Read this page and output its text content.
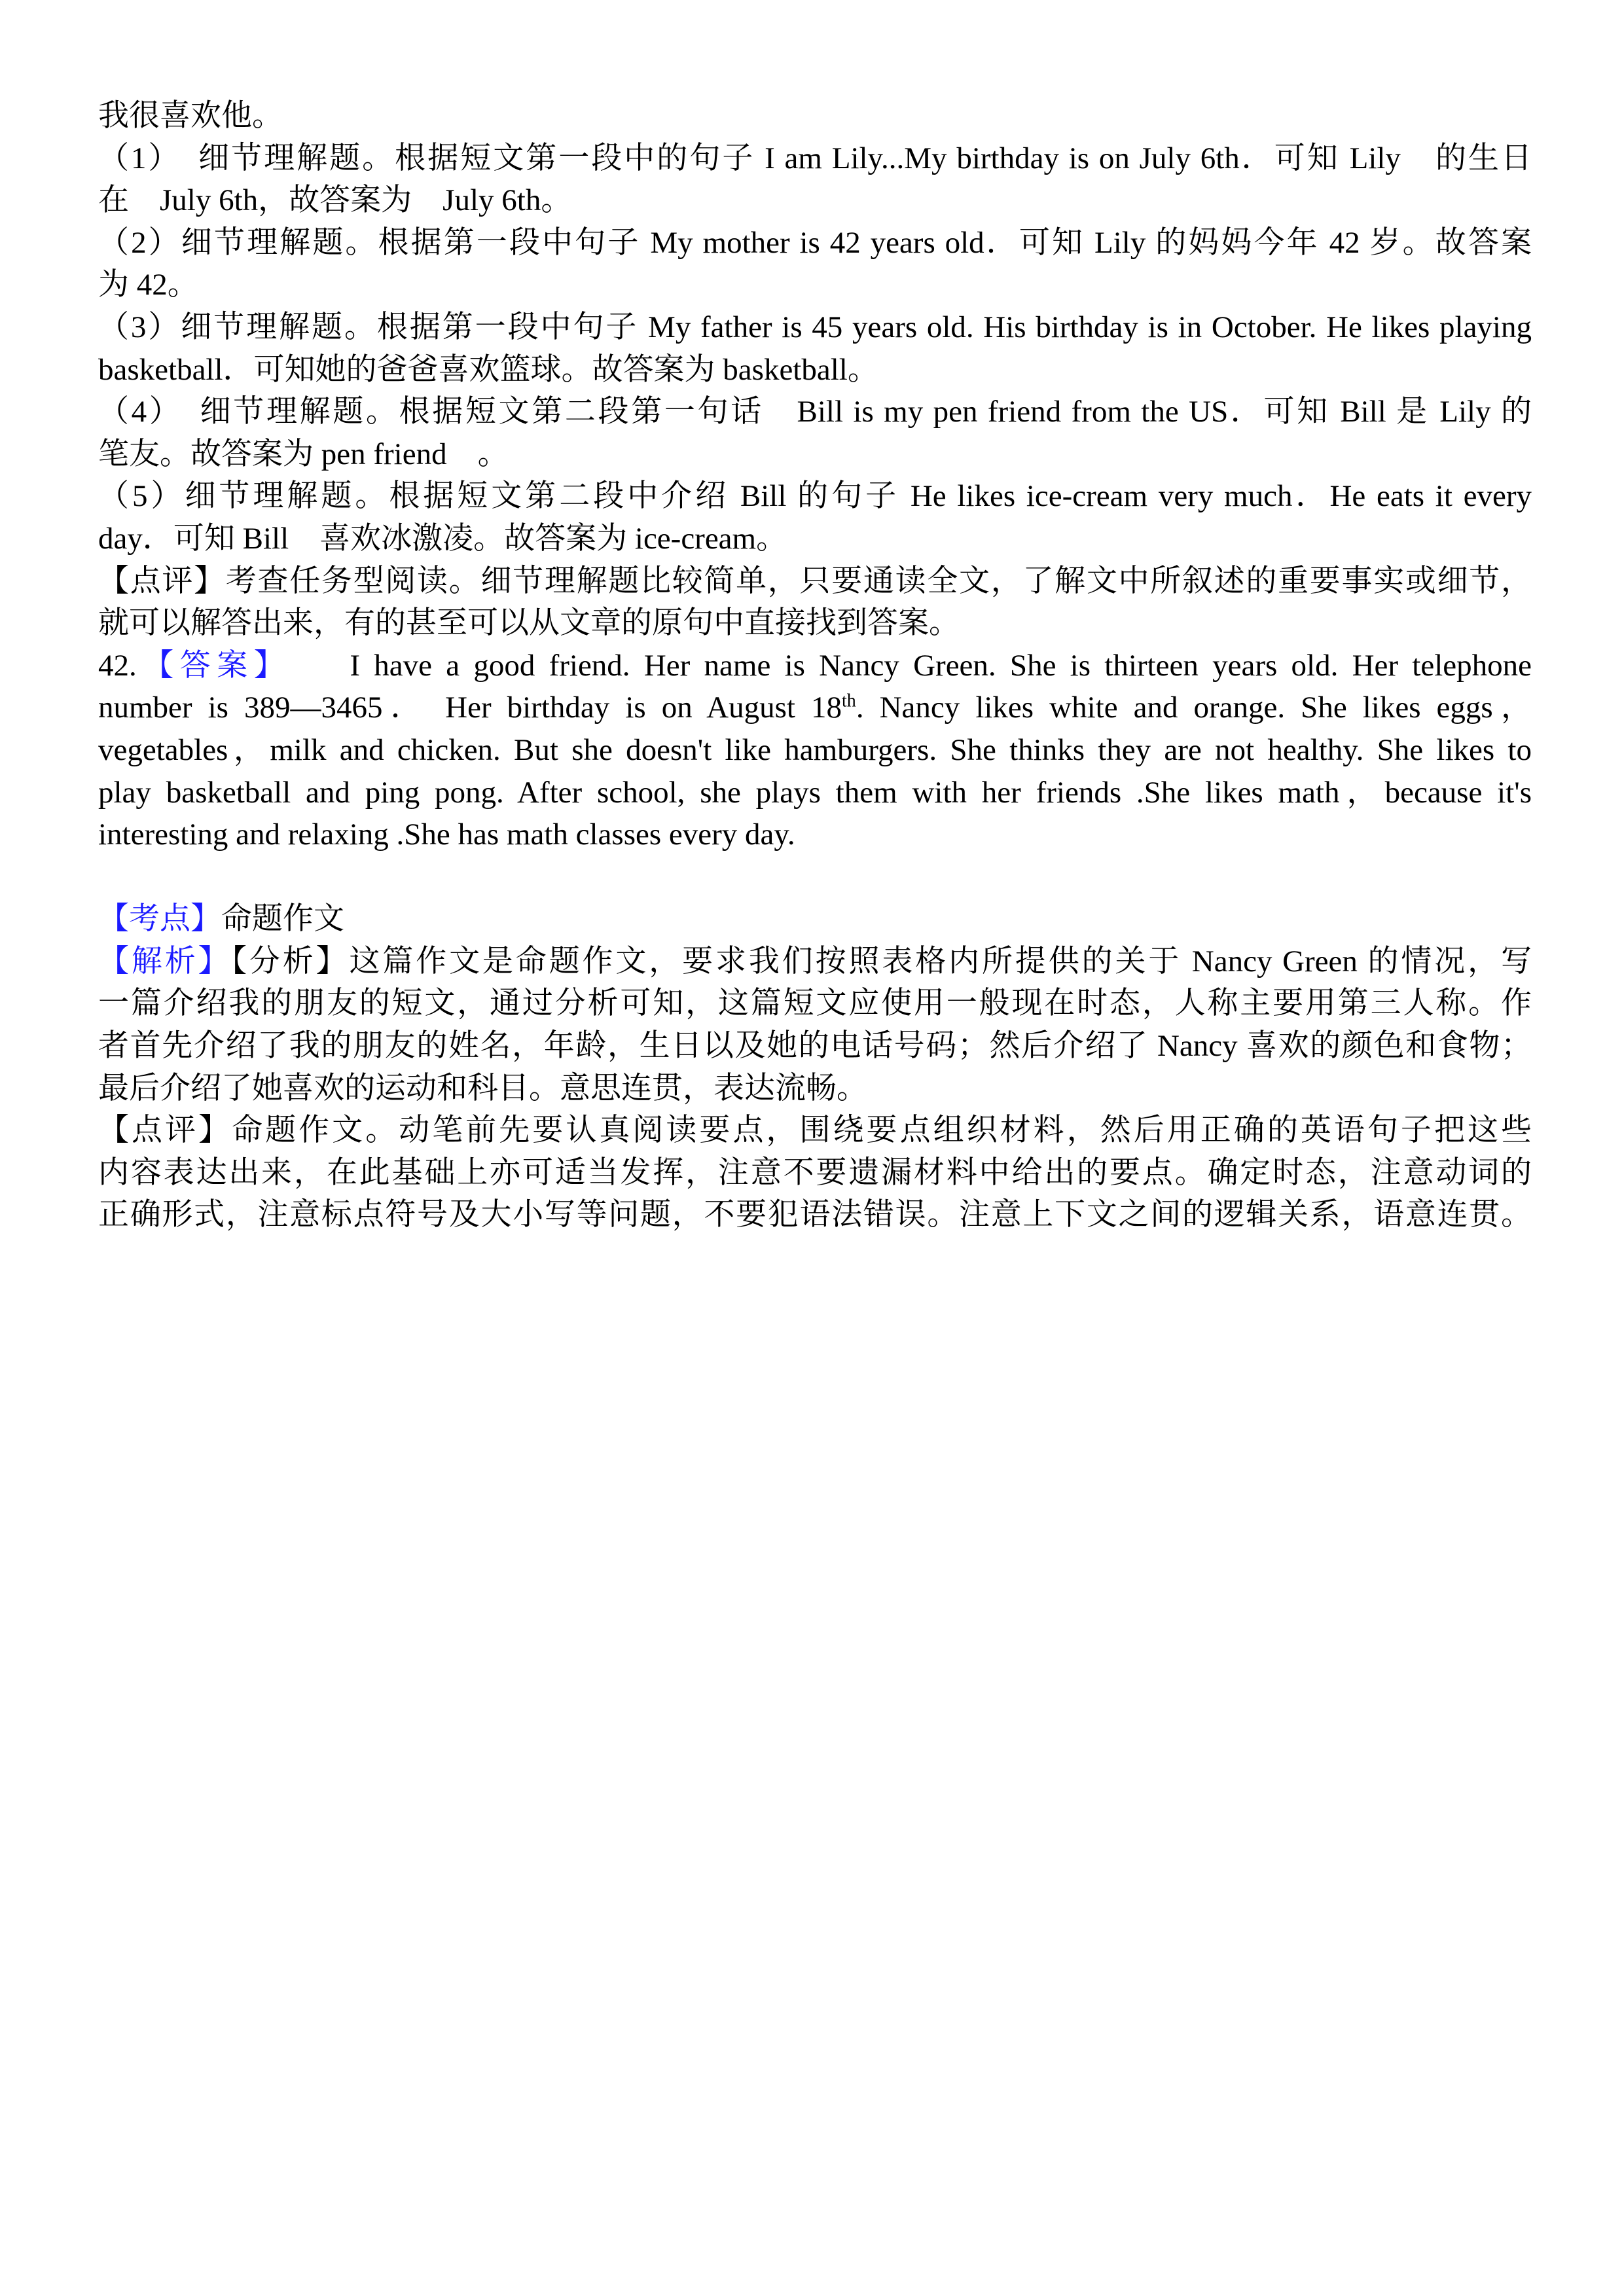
我很喜欢他。
（1）　细节理解题。根据短文第一段中的句子 I am Lily...My birthday is on July 6th．可知 Lily　的生日
在　July 6th，故答案为　July 6th。
（2）细节理解题。根据第一段中句子 My mother is 42 years old．可知 Lily 的妈妈今年 42 岁。故答案
为 42。
（3）细节理解题。根据第一段中句子 My father is 45 years old. His birthday is in October. He likes playing
basketball．可知她的爸爸喜欢篮球。故答案为 basketball。
（4）　细节理解题。根据短文第二段第一句话　Bill is my pen friend from the US．可知 Bill 是 Lily 的
笔友。故答案为 pen friend　。
（5）细节理解题。根据短文第二段中介绍 Bill 的句子 He likes ice-cream very much．He eats it every
day．可知 Bill　喜欢冰激凌。故答案为 ice-cream。
【点评】考查任务型阅读。细节理解题比较简单，只要通读全文，了解文中所叙述的重要事实或细节，
就可以解答出来，有的甚至可以从文章的原句中直接找到答案。
42.【答案】 I have a good friend. Her name is Nancy Green. She is thirteen years old. Her telephone
number is 389—3465． Her birthday is on August 18th. Nancy likes white and orange. She likes eggs，
vegetables，milk and chicken. But she doesn't like hamburgers. She thinks they are not healthy. She likes to
play basketball and ping pong. After school, she plays them with her friends .She likes math，because it's
interesting and relaxing .She has math classes every day.
【考点】命题作文
【解析】【分析】这篇作文是命题作文，要求我们按照表格内所提供的关于 Nancy Green 的情况，写
一篇介绍我的朋友的短文，通过分析可知，这篇短文应使用一般现在时态，人称主要用第三人称。作
者首先介绍了我的朋友的姓名，年龄，生日以及她的电话号码；然后介绍了 Nancy 喜欢的颜色和食物；
最后介绍了她喜欢的运动和科目。意思连贯，表达流畅。
【点评】命题作文。动笔前先要认真阅读要点，围绕要点组织材料，然后用正确的英语句子把这些
内容表达出来，在此基础上亦可适当发挥，注意不要遗漏材料中给出的要点。确定时态，注意动词的
正确形式，注意标点符号及大小写等问题，不要犯语法错误。注意上下文之间的逻辑关系，语意连贯。
